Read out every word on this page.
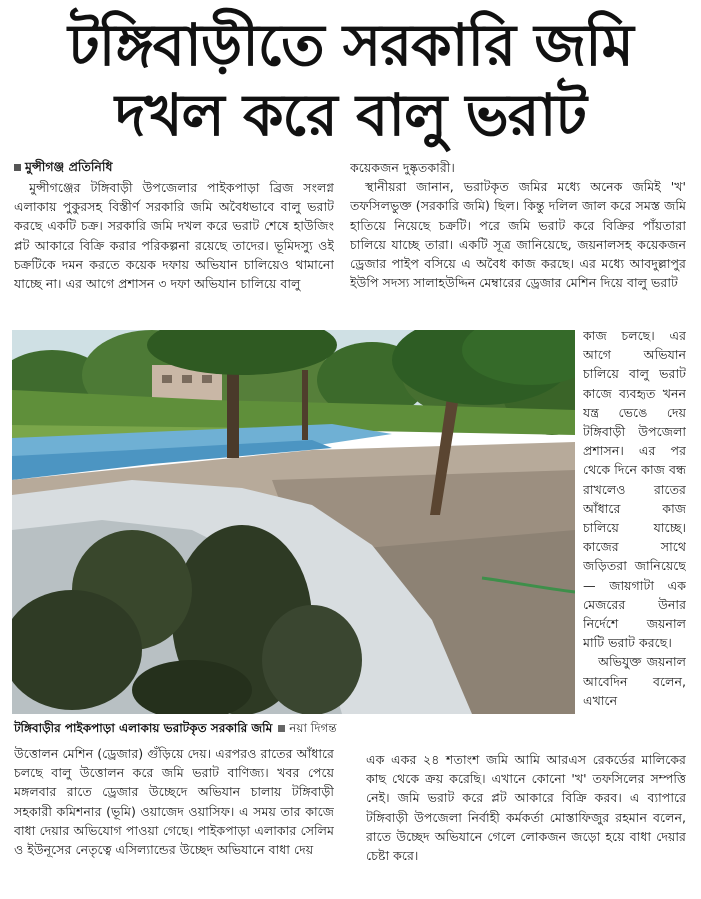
টঙ্গিবাড়ীতে সরকারি জমি
দখল করে বালু ভরাট
মুন্সীগঞ্জ প্রতিনিধি

মুন্সীগঞ্জের টঙ্গিবাড়ী উপজেলার পাইকপাড়া ব্রিজ সংলগ্ন এলাকায় পুকুরসহ বিস্তীর্ণ সরকারি জমি অবৈধভাবে বালু ভরাট করছে একটি চক্র। সরকারি জমি দখল করে ভরাট শেষে হাউজিং প্লট আকারে বিক্রি করার পরিকল্পনা রয়েছে তাদের। ভূমিদস্যু ওই চক্রটিকে দমন করতে কয়েক দফায় অভিযান চালিয়েও থামানো যাচ্ছে না। এর আগে প্রশাসন ৩ দফা অভিযান চালিয়ে বালু

কয়েকজন দুষ্কৃতকারী।

স্থানীয়রা জানান, ভরাটকৃত জমির মধ্যে অনেক জমিই 'খ' তফসিলভুক্ত (সরকারি জমি) ছিল। কিন্তু দলিল জাল করে সমস্ত জমি হাতিয়ে নিয়েছে চক্রটি। পরে জমি ভরাট করে বিক্রির পাঁয়তারা চালিয়ে যাচ্ছে তারা। একটি সূত্র জানিয়েছে, জয়নালসহ কয়েকজন ড্রেজার পাইপ বসিয়ে এ অবৈধ কাজ করছে। এর মধ্যে আবদুল্লাপুর ইউপি সদস্য সালাহউদ্দিন মেম্বারের ড্রেজার মেশিন দিয়ে বালু ভরাট

কাজ চলছে। এর আগে অভিযান চালিয়ে বালু ভরাট কাজে ব্যবহৃত খনন যন্ত্র ভেঙে দেয় টঙ্গিবাড়ী উপজেলা প্রশাসন। এর পর থেকে দিনে কাজ বন্ধ রাখলেও রাতের আঁধারে কাজ চালিয়ে যাচ্ছে। কাজের সাথে জড়িতরা জানিয়েছে— জায়গাটা এক মেজরের উনার নির্দেশে জয়নাল মাটি ভরাট করছে।

অভিযুক্ত জয়নাল আবেদিন বলেন, এখানে

টঙ্গিবাড়ীর পাইকপাড়া এলাকায় ভরাটকৃত সরকারি জমি নয়া দিগন্ত

উত্তোলন মেশিন (ড্রেজার) গুঁড়িয়ে দেয়। এরপরও রাতের আঁধারে চলছে বালু উত্তোলন করে জমি ভরাট বাণিজ্য। খবর পেয়ে মঙ্গলবার রাতে ড্রেজার উচ্ছেদে অভিযান চালায় টঙ্গিবাড়ী সহকারী কমিশনার (ভূমি) ওয়াজেদ ওয়াসিফ। এ সময় তার কাজে বাধা দেয়ার অভিযোগ পাওয়া গেছে। পাইকপাড়া এলাকার সেলিম ও ইউনূসের নেতৃত্বে এসিল্যান্ডের উচ্ছেদ অভিযানে বাধা দেয়

এক একর ২৪ শতাংশ জমি আমি আরএস রেকর্ডের মালিকের কাছ থেকে ক্রয় করেছি। এখানে কোনো 'খ' তফসিলের সম্পত্তি নেই। জমি ভরাট করে প্লট আকারে বিক্রি করব। এ ব্যাপারে টঙ্গিবাড়ী উপজেলা নির্বাহী কর্মকর্তা মোস্তাফিজুর রহমান বলেন, রাতে উচ্ছেদ অভিযানে গেলে লোকজন জড়ো হয়ে বাধা দেয়ার চেষ্টা করে।
